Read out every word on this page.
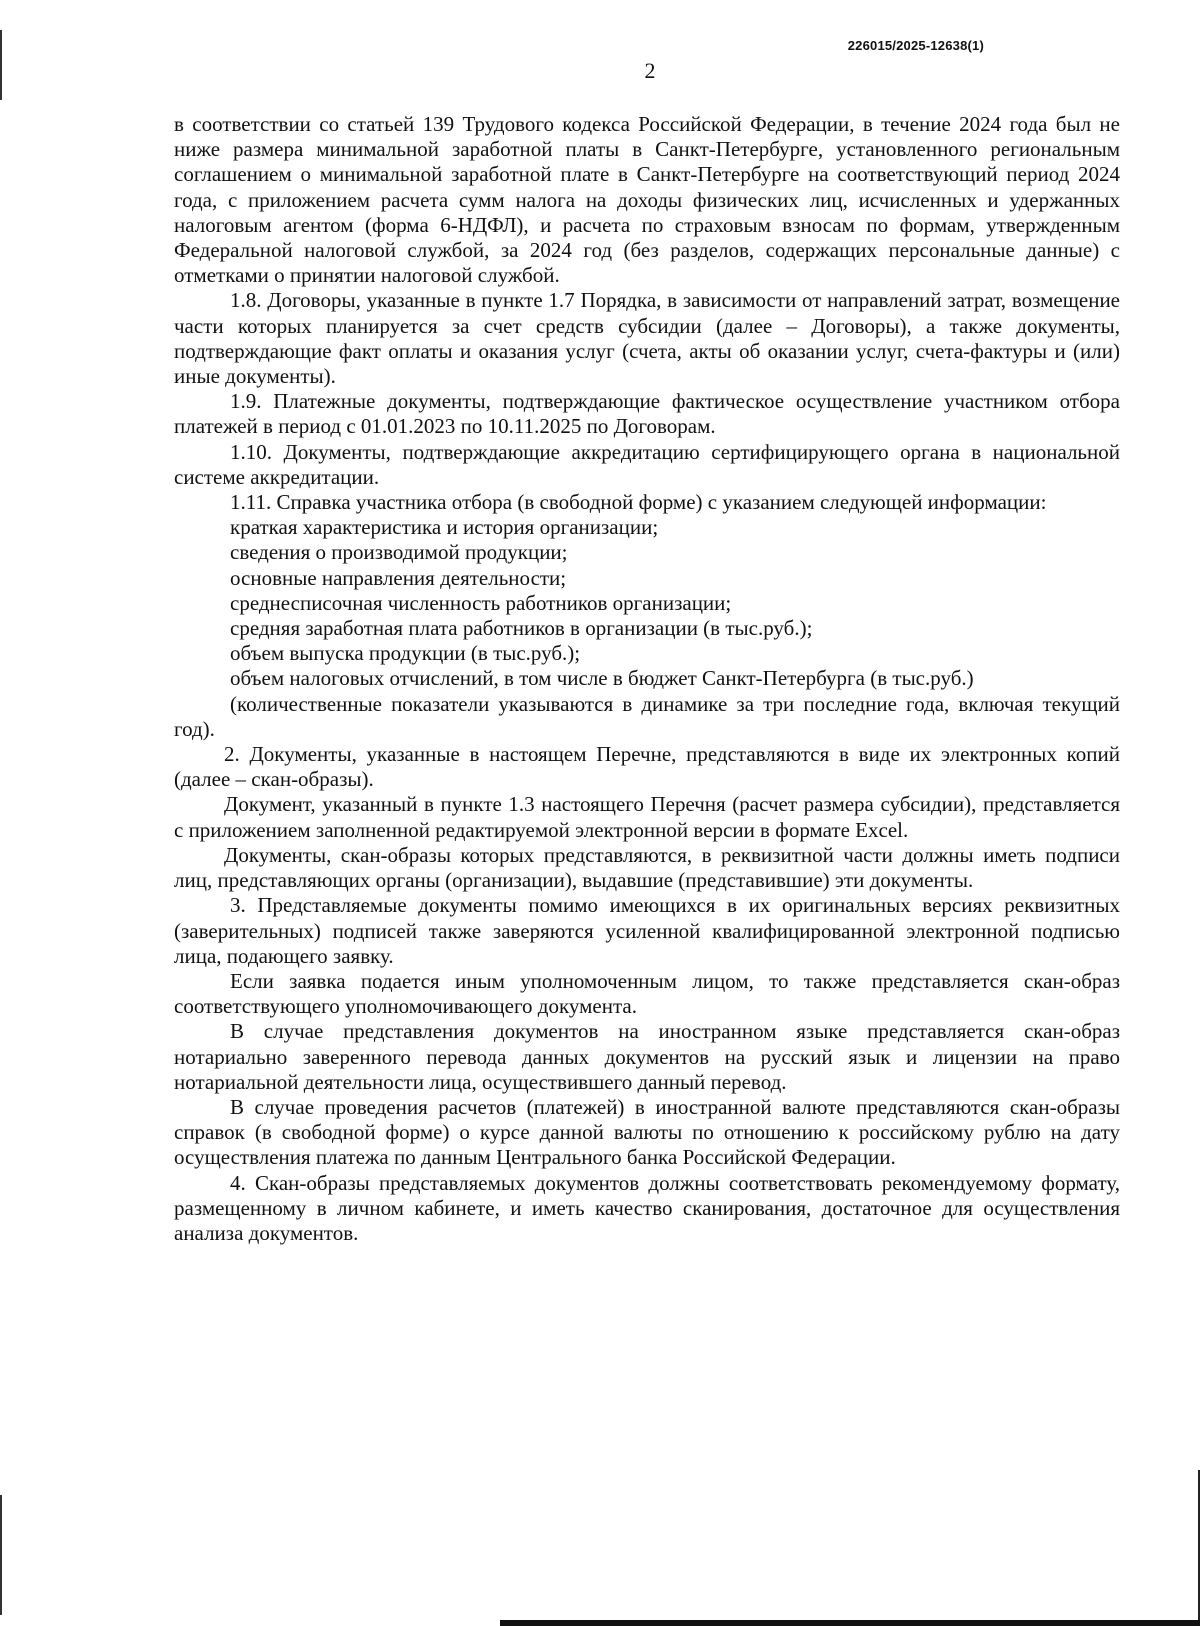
226015/2025-12638(1)
2

в соответствии со статьей 139 Трудового кодекса Российской Федерации, в течение 2024 года был не ниже размера минимальной заработной платы в Санкт-Петербурге, установленного региональным соглашением о минимальной заработной плате в Санкт-Петербурге на соответствующий период 2024 года, с приложением расчета сумм налога на доходы физических лиц, исчисленных и удержанных налоговым агентом (форма 6-НДФЛ), и расчета по страховым взносам по формам, утвержденным Федеральной налоговой службой, за 2024 год (без разделов, содержащих персональные данные) с отметками о принятии налоговой службой.

1.8. Договоры, указанные в пункте 1.7 Порядка, в зависимости от направлений затрат, возмещение части которых планируется за счет средств субсидии (далее – Договоры), а также документы, подтверждающие факт оплаты и оказания услуг (счета, акты об оказании услуг, счета-фактуры и (или) иные документы).

1.9. Платежные документы, подтверждающие фактическое осуществление участником отбора платежей в период с 01.01.2023 по 10.11.2025 по Договорам.

1.10. Документы, подтверждающие аккредитацию сертифицирующего органа в национальной системе аккредитации.

1.11. Справка участника отбора (в свободной форме) с указанием следующей информации:

краткая характеристика и история организации;

сведения о производимой продукции;

основные направления деятельности;

среднесписочная численность работников организации;

средняя заработная плата работников в организации (в тыс.руб.);

объем выпуска продукции (в тыс.руб.);

объем налоговых отчислений, в том числе в бюджет Санкт-Петербурга (в тыс.руб.)

(количественные показатели указываются в динамике за три последние года, включая текущий год).

2. Документы, указанные в настоящем Перечне, представляются в виде их электронных копий (далее – скан-образы).

Документ, указанный в пункте 1.3 настоящего Перечня (расчет размера субсидии), представляется с приложением заполненной редактируемой электронной версии в формате Excel.

Документы, скан-образы которых представляются, в реквизитной части должны иметь подписи лиц, представляющих органы (организации), выдавшие (представившие) эти документы.

3. Представляемые документы помимо имеющихся в их оригинальных версиях реквизитных (заверительных) подписей также заверяются усиленной квалифицированной электронной подписью лица, подающего заявку.

Если заявка подается иным уполномоченным лицом, то также представляется скан-образ соответствующего уполномочивающего документа.

В случае представления документов на иностранном языке представляется скан-образ нотариально заверенного перевода данных документов на русский язык и лицензии на право нотариальной деятельности лица, осуществившего данный перевод.

В случае проведения расчетов (платежей) в иностранной валюте представляются скан-образы справок (в свободной форме) о курсе данной валюты по отношению к российскому рублю на дату осуществления платежа по данным Центрального банка Российской Федерации.

4. Скан-образы представляемых документов должны соответствовать рекомендуемому формату, размещенному в личном кабинете, и иметь качество сканирования, достаточное для осуществления анализа документов.
